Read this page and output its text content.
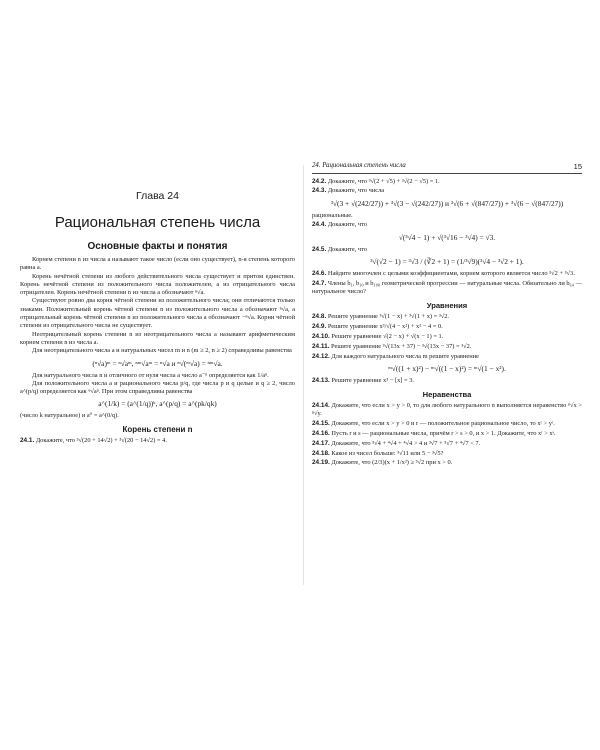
Глава 24
Рациональная степень числа
Основные факты и понятия

Корнем степени n из числа a называют такое число (если оно существует), n-я степень которого равна a.

Корень нечётной степени из любого действительного числа существует и притом единствен. Корень нечётной степени из положительного числа положителен, а из отрицательного числа отрицателен. Корень нечётной степени n из числа a обозначают ⁿ√a.

Существуют ровно два корня чётной степени из положительного числа; они отличаются только знаками. Положительный корень чётной степени n из положительного числа a обозначают ⁿ√a, а отрицательный корень чётной степени n из положительного числа a обозначают −ⁿ√a. Корни чётной степени из отрицательного числа не существует.

Неотрицательный корень степени n из неотрицательного числа a называют арифметическим корнем степени n из числа a.

Для неотрицательного числа a и натуральных чисел m и n (m ≥ 2, n ≥ 2) справедливы равенства

(ⁿ√a)ᵐ = ⁿ√aᵐ, ⁿᵐ√aᵐ = ⁿ√a и ⁿ√(ᵐ√a) = ⁿᵐ√a.

Для натурального числа n и отличного от нуля числа a число a⁻ⁿ определяется как 1/aⁿ.

Для положительного числа a и рационального числа p/q, где числа p и q целые и q ≥ 2, число a^(p/q) определяется как ᵠ√aᵖ. При этом справедливы равенства

a^(1/k) = (a^(1/q))ᵏ, a^(p/q) = a^(pk/qk)

(число k натуральное) и a⁰ = a^(0/q).

Корень степени n
24.1. Докажите, что ³√(20 + 14√2) + ³√(20 − 14√2) = 4.
24. Рациональная степень числа	15
24.2. Докажите, что ³√(2 + √5) + ³√(2 − √5) = 1.
24.3. Докажите, что числа
³√(3 + √(242/27)) + ³√(3 − √(242/27)) и ³√(6 + √(847/27)) + ³√(6 − √(847/27))
рациональные.
24.4. Докажите, что
√(³√4 − 1) + √(³√16 − ³√4) = √3.
24.5. Докажите, что
³√(√2 − 1) = ³√3 / (∛2 + 1) = (1/³√9)(³√4 − ³√2 + 1).
24.6. Найдите многочлен с целыми коэффициентами, корнем которого является число ³√2 + ³√3.
24.7. Члены b₁, b₁₀ и b₁₀₀ геометрической прогрессии — натуральные числа. Обязательно ли b₆₄ — натуральное число?
Уравнения
24.8. Решите уравнение ³√(1 − x) + ³√(1 + x) = ³√2.
24.9. Решите уравнение x³/√(4 − x²) + x² − 4 = 0.
24.10. Решите уравнение √(2 − x) + √(x − 1) = 1.
24.11. Решите уравнение ³√(13x + 37) − ³√(13x − 37) = ³√2.
24.12. Для каждого натурального числа m решите уравнение
ᵐ√((1 + x)²) − ᵐ√((1 − x)²) = ᵐ√(1 − x²).
24.13. Решите уравнение x³ − [x] = 3.
Неравенства
24.14. Докажите, что если x > y > 0, то для любого натурального n выполняется неравенство ⁿ√x > ⁿ√y.
24.15. Докажите, что если x > y > 0 и r — положительное рациональное число, то xʳ > yʳ.
24.16. Пусть r и s — рациональные числа, причём r > s > 0, и x > 1. Докажите, что xʳ > xˢ.
24.17. Докажите, что ³√4 + ⁴√4 + ⁴√4 > 4 и ³√7 + ³√7 + ⁴√7 < 7.
24.18. Какое из чисел больше: ³√11 или 5 − ³√5?
24.19. Докажите, что (2/3)(x + 1/x²) ≥ ³√2 при x > 0.
